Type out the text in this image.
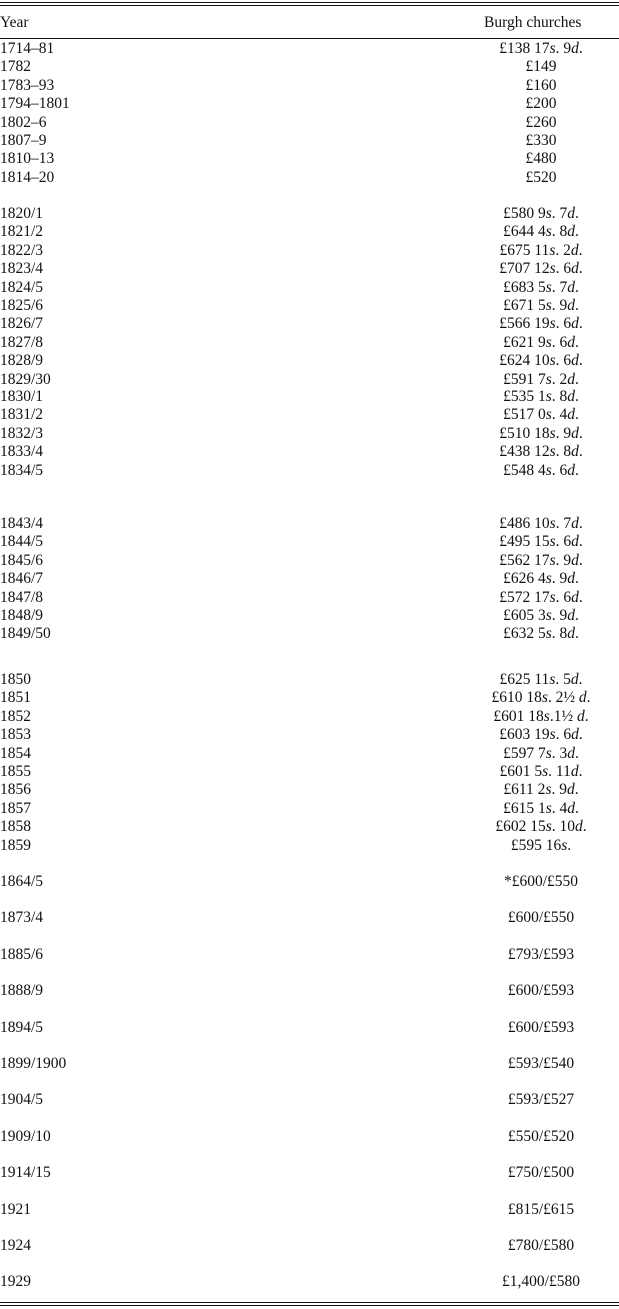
Year	Burgh churches
1714–81	£138 17s. 9d.
1782	£149
1783–93	£160
1794–1801	£200
1802–6	£260
1807–9	£330
1810–13	£480
1814–20	£520
1820/1	£580 9s. 7d.
1821/2	£644 4s. 8d.
1822/3	£675 11s. 2d.
1823/4	£707 12s. 6d.
1824/5	£683 5s. 7d.
1825/6	£671 5s. 9d.
1826/7	£566 19s. 6d.
1827/8	£621 9s. 6d.
1828/9	£624 10s. 6d.
1829/30	£591 7s. 2d.
1830/1	£535 1s. 8d.
1831/2	£517 0s. 4d.
1832/3	£510 18s. 9d.
1833/4	£438 12s. 8d.
1834/5	£548 4s. 6d.
1843/4	£486 10s. 7d.
1844/5	£495 15s. 6d.
1845/6	£562 17s. 9d.
1846/7	£626 4s. 9d.
1847/8	£572 17s. 6d.
1848/9	£605 3s. 9d.
1849/50	£632 5s. 8d.
1850	£625 11s. 5d.
1851	£610 18s. 2½ d.
1852	£601 18s.1½ d.
1853	£603 19s. 6d.
1854	£597 7s. 3d.
1855	£601 5s. 11d.
1856	£611 2s. 9d.
1857	£615 1s. 4d.
1858	£602 15s. 10d.
1859	£595 16s.
1864/5	*£600/£550
1873/4	£600/£550
1885/6	£793/£593
1888/9	£600/£593
1894/5	£600/£593
1899/1900	£593/£540
1904/5	£593/£527
1909/10	£550/£520
1914/15	£750/£500
1921	£815/£615
1924	£780/£580
1929	£1,400/£580
